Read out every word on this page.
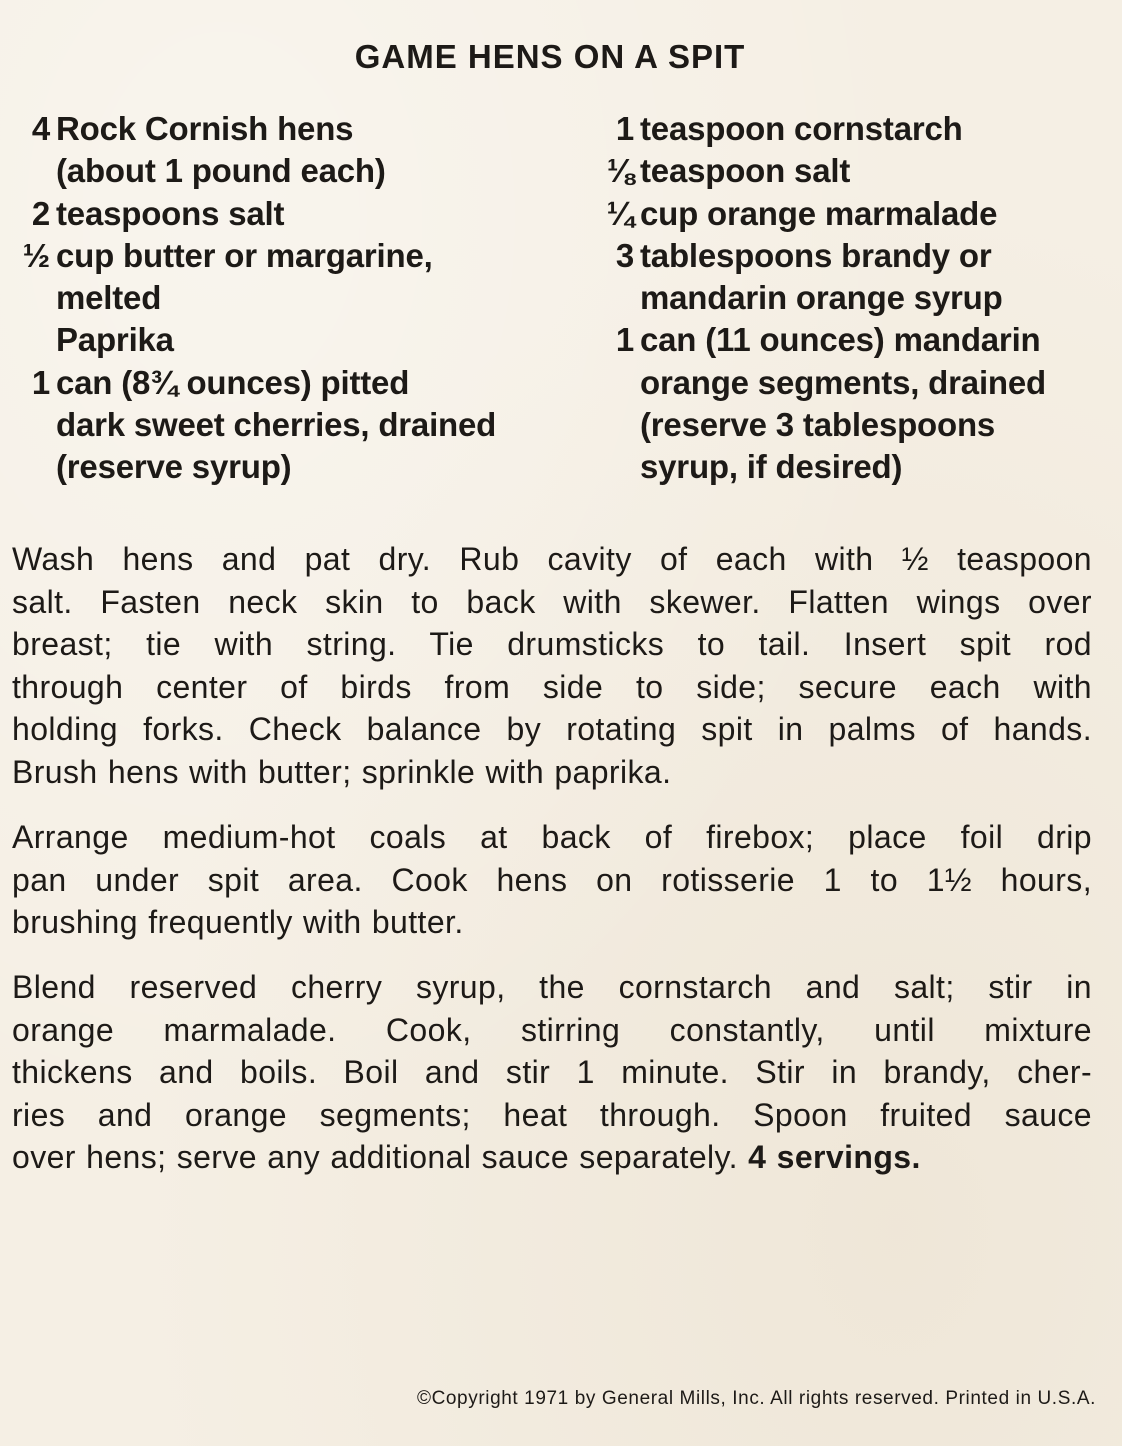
GAME HENS ON A SPIT
4 Rock Cornish hens
(about 1 pound each)
2 teaspoons salt
½ cup butter or margarine,
melted
Paprika
1 can (8¾ ounces) pitted
dark sweet cherries, drained
(reserve syrup)
1 teaspoon cornstarch
⅛ teaspoon salt
¼ cup orange marmalade
3 tablespoons brandy or
mandarin orange syrup
1 can (11 ounces) mandarin
orange segments, drained
(reserve 3 tablespoons
syrup, if desired)
Wash hens and pat dry. Rub cavity of each with ½ teaspoon
salt. Fasten neck skin to back with skewer. Flatten wings over
breast; tie with string. Tie drumsticks to tail. Insert spit rod
through center of birds from side to side; secure each with
holding forks. Check balance by rotating spit in palms of hands.
Brush hens with butter; sprinkle with paprika.
Arrange medium-hot coals at back of firebox; place foil drip
pan under spit area. Cook hens on rotisserie 1 to 1½ hours,
brushing frequently with butter.
Blend reserved cherry syrup, the cornstarch and salt; stir in
orange marmalade. Cook, stirring constantly, until mixture
thickens and boils. Boil and stir 1 minute. Stir in brandy, cher-
ries and orange segments; heat through. Spoon fruited sauce
over hens; serve any additional sauce separately. 4 servings.
©Copyright 1971 by General Mills, Inc. All rights reserved. Printed in U.S.A.
